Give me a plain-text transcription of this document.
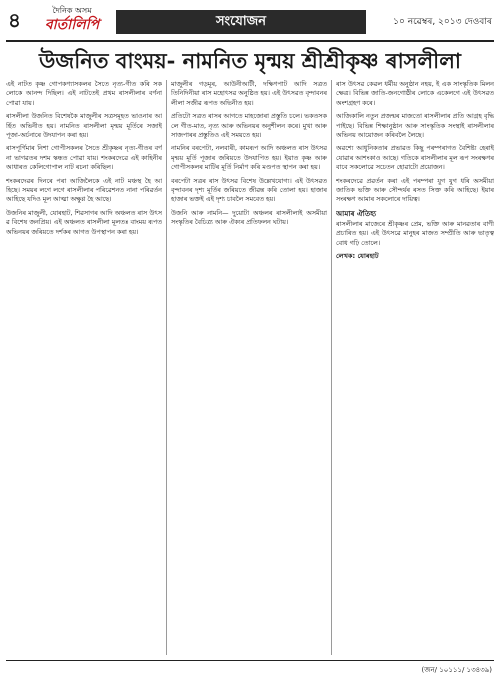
৪	দৈনিক অসম
বাৰ্তালিপি	সংযোজন	১০ নৱেম্বৰ, ২০১৩ দেওবাৰ
উজনিত বাংময়- নামনিত মৃন্ময় শ্ৰীশ্ৰীকৃষ্ণ ৰাসলীলা

এই নাটত কৃষ্ণ গোপকণ্যাসকলৰ সৈতে নৃত্য-গীত কৰি সকলোকে আনন্দ দিছিল। এই নাটতেই প্ৰথম ৰাসলীলাৰ বৰ্ণনা পোৱা যায়।

ৰাসলীলা উজনিত বিশেষকৈ মাজুলীৰ সত্ৰসমূহত ভাওনাৰ আৰ্হিত অভিনীত হয়। নামনিত ৰাসলীলা মৃন্ময় মূৰ্তিৰে সজাই পূজা-অৰ্চনাৰে উদযাপন কৰা হয়।

ৰাসপূৰ্ণিমাৰ নিশা গোপীসকলৰ সৈতে শ্ৰীকৃষ্ণৰ নৃত্য-গীতৰ বৰ্ণনা ভাগৱতৰ দশম স্কন্ধত পোৱা যায়। শংকৰদেৱে এই কাহিনীৰ আধাৰত কেলিগোপাল নাট ৰচনা কৰিছিল।

শংকৰদেৱৰ দিনৰে পৰা আজিলৈকে এই নাট মঞ্চস্থ হৈ আহিছে। সময়ৰ লগে লগে ৰাসলীলাৰ পৰিৱেশনত নানা পৰিৱৰ্তন আহিছে যদিও মূল আত্মা অক্ষুণ্ণ হৈ আছে।

উজনিৰ মাজুলী, যোৰহাট, শিৱসাগৰ আদি অঞ্চলত ৰাস উৎসৱ বিশেষ জনপ্ৰিয়। এই অঞ্চলত ৰাসলীলা মূলতঃ বাংময় ৰূপত অভিনয়ৰ জৰিয়তে দৰ্শকৰ আগত উপস্থাপন কৰা হয়।

মাজুলীৰ গড়মূৰ, আউনীআটী, দক্ষিণপাট আদি সত্ৰত তিনিদিনীয়া ৰাস মহোৎসৱ অনুষ্ঠিত হয়। এই উৎসৱত বৃন্দাবনৰ লীলা সজীৱ ৰূপত অভিনীত হয়।

প্ৰতিটো সত্ৰত ৰাসৰ আগতে মাহজোৰা প্ৰস্তুতি চলে। ভকতসকলে গীত-মাত, নৃত্য আৰু অভিনয়ৰ অনুশীলন কৰে। মুখা আৰু সাজপাৰৰ প্ৰস্তুতিও এই সময়তে হয়।

নামনিৰ বৰপেটা, নলবাৰী, কামৰূপ আদি অঞ্চলত ৰাস উৎসৱ মৃন্ময় মূৰ্তি পূজাৰ জৰিয়তে উদযাপিত হয়। ইয়াত কৃষ্ণ আৰু গোপীসকলৰ মাটিৰ মূৰ্তি নিৰ্মাণ কৰি মণ্ডপত স্থাপন কৰা হয়।

বৰপেটা সত্ৰৰ ৰাস উৎসৱ বিশেষ উল্লেখযোগ্য। এই উৎসৱত বৃন্দাবনৰ দৃশ্য মূৰ্তিৰ জৰিয়তে জীৱন্ত কৰি তোলা হয়। হাজাৰ হাজাৰ ভক্তই এই দৃশ্য চাবলৈ সমবেত হয়।

উজনি আৰু নামনি— দুয়োটা অঞ্চলৰ ৰাসলীলাই অসমীয়া সংস্কৃতিৰ বৈচিত্ৰ্য আৰু ঐক্যৰ প্ৰতিফলন ঘটায়।

ৰাস উৎসৱ কেৱল ধৰ্মীয় অনুষ্ঠান নহয়, ই এক সাংস্কৃতিক মিলনক্ষেত্ৰ। বিভিন্ন জাতি-জনগোষ্ঠীৰ লোকে একেলগে এই উৎসৱত অংশগ্ৰহণ কৰে।

আজিকালি নতুন প্ৰজন্মৰ মাজতো ৰাসলীলাৰ প্ৰতি আগ্ৰহ বৃদ্ধি পাইছে। বিভিন্ন শিক্ষানুষ্ঠান আৰু সাংস্কৃতিক সংস্থাই ৰাসলীলাৰ অভিনয় আয়োজন কৰিবলৈ লৈছে।

অৱশ্যে আধুনিকতাৰ প্ৰভাৱত কিছু পৰম্পৰাগত বৈশিষ্ট্য হেৰাই যোৱাৰ আশংকাও আছে। গতিকে ৰাসলীলাৰ মূল ৰূপ সংৰক্ষণৰ বাবে সকলোৱে সচেতন হোৱাটো প্ৰয়োজন।

শংকৰদেৱে প্ৰৱৰ্তন কৰা এই পৰম্পৰা যুগ যুগ ধৰি অসমীয়া জাতিক ভক্তি আৰু সৌন্দৰ্যৰ ৰসত সিক্ত কৰি আহিছে। ইয়াৰ সংৰক্ষণ আমাৰ সকলোৰে দায়িত্ব।

আমাৰ ঐতিহ্য

ৰাসলীলাৰ মাজেৰে শ্ৰীকৃষ্ণৰ প্ৰেম, ভক্তি আৰু মানৱতাৰ বাণী প্ৰচাৰিত হয়। এই উৎসৱে মানুহৰ মাজত সম্প্ৰীতি আৰু ভাতৃত্ববোধ গঢ়ি তোলে।

লেখক: যোৰহাট
(জন/ ১০১১১/ ১৩৪৩৯)
